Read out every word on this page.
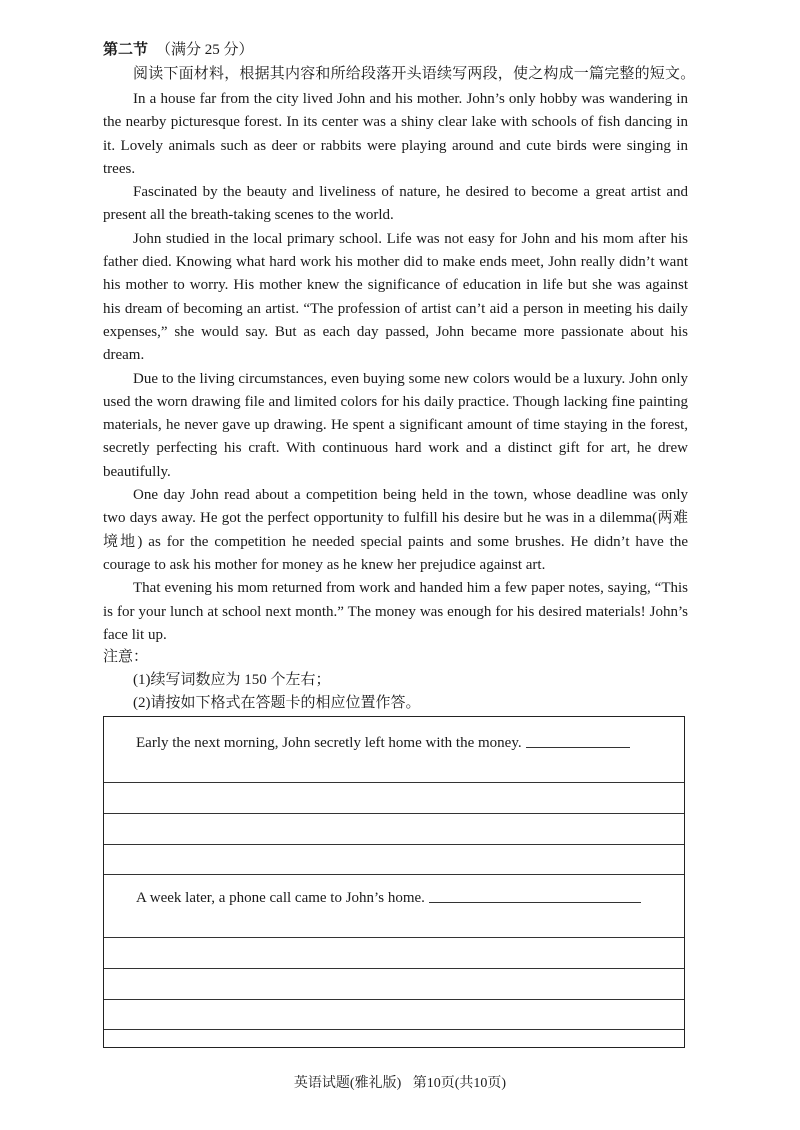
第二节 （满分 25 分）
阅读下面材料，根据其内容和所给段落开头语续写两段，使之构成一篇完整的短文。

In a house far from the city lived John and his mother. John’s only hobby was wandering in the nearby picturesque forest. In its center was a shiny clear lake with schools of fish dancing in it. Lovely animals such as deer or rabbits were playing around and cute birds were singing in trees.

Fascinated by the beauty and liveliness of nature, he desired to become a great artist and present all the breath-taking scenes to the world.

John studied in the local primary school. Life was not easy for John and his mom after his father died. Knowing what hard work his mother did to make ends meet, John really didn’t want his mother to worry. His mother knew the significance of education in life but she was against his dream of becoming an artist. “The profession of artist can’t aid a person in meeting his daily expenses,” she would say. But as each day passed, John became more passionate about his dream.

Due to the living circumstances, even buying some new colors would be a luxury. John only used the worn drawing file and limited colors for his daily practice. Though lacking fine painting materials, he never gave up drawing. He spent a significant amount of time staying in the forest, secretly perfecting his craft. With continuous hard work and a distinct gift for art, he drew beautifully.

One day John read about a competition being held in the town, whose deadline was only two days away. He got the perfect opportunity to fulfill his desire but he was in a dilemma(两难境地) as for the competition he needed special paints and some brushes. He didn’t have the courage to ask his mother for money as he knew her prejudice against art.

That evening his mom returned from work and handed him a few paper notes, saying, “This is for your lunch at school next month.” The money was enough for his desired materials! John’s face lit up.

注意：
(1)续写词数应为 150 个左右；
(2)请按如下格式在答题卡的相应位置作答。
Early the next morning, John secretly left home with the money.
A week later, a phone call came to John’s home.
英语试题(雅礼版) 第10页(共10页)
